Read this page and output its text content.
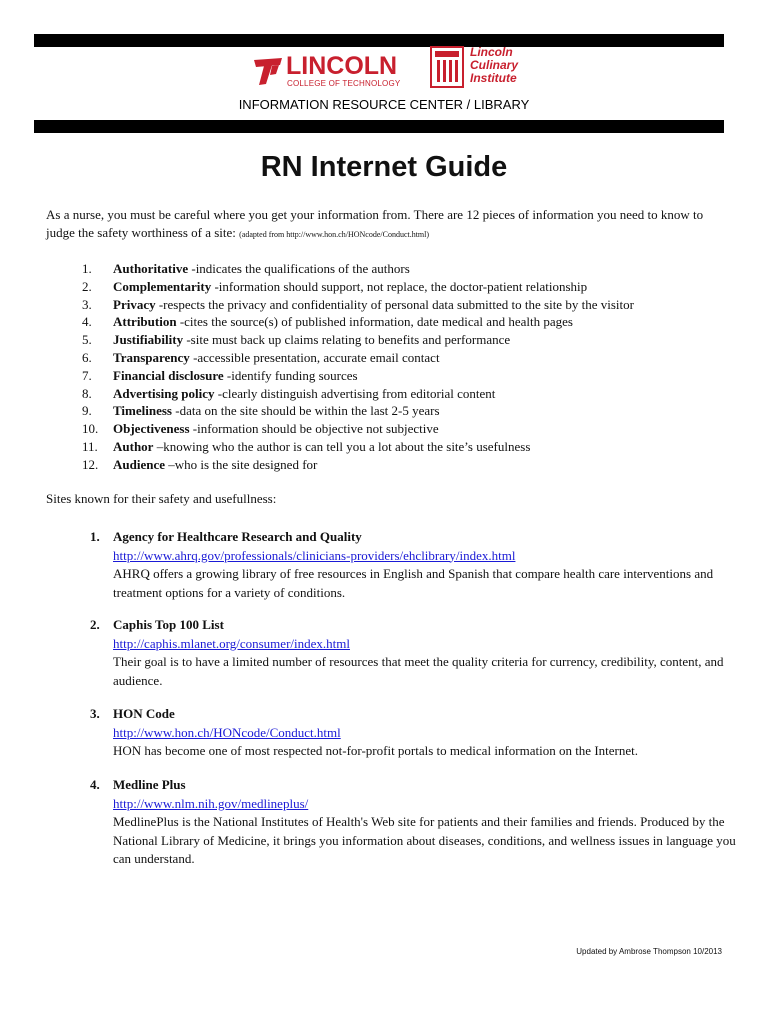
LINCOLN
COLLEGE OF TECHNOLOGY
Lincoln
Culinary
Institute
INFORMATION RESOURCE CENTER / LIBRARY
RN Internet Guide
As a nurse, you must be careful where you get your information from. There are 12 pieces of information you need to know to judge the safety worthiness of a site: (adapted from http://www.hon.ch/HONcode/Conduct.html)
1. Authoritative -indicates the qualifications of the authors
2. Complementarity -information should support, not replace, the doctor-patient relationship
3. Privacy -respects the privacy and confidentiality of personal data submitted to the site by the visitor
4. Attribution -cites the source(s) of published information, date medical and health pages
5. Justifiability -site must back up claims relating to benefits and performance
6. Transparency -accessible presentation, accurate email contact
7. Financial disclosure -identify funding sources
8. Advertising policy -clearly distinguish advertising from editorial content
9. Timeliness -data on the site should be within the last 2-5 years
10. Objectiveness -information should be objective not subjective
11. Author –knowing who the author is can tell you a lot about the site’s usefulness
12. Audience –who is the site designed for
Sites known for their safety and usefullness:
1. Agency for Healthcare Research and Quality
http://www.ahrq.gov/professionals/clinicians-providers/ehclibrary/index.html
AHRQ offers a growing library of free resources in English and Spanish that compare health care interventions and treatment options for a variety of conditions.
2. Caphis Top 100 List
http://caphis.mlanet.org/consumer/index.html
Their goal is to have a limited number of resources that meet the quality criteria for currency, credibility, content, and audience.
3. HON Code
http://www.hon.ch/HONcode/Conduct.html
HON has become one of most respected not-for-profit portals to medical information on the Internet.
4. Medline Plus
http://www.nlm.nih.gov/medlineplus/
MedlinePlus is the National Institutes of Health's Web site for patients and their families and friends. Produced by the National Library of Medicine, it brings you information about diseases, conditions, and wellness issues in language you can understand.
Updated by Ambrose Thompson 10/2013
